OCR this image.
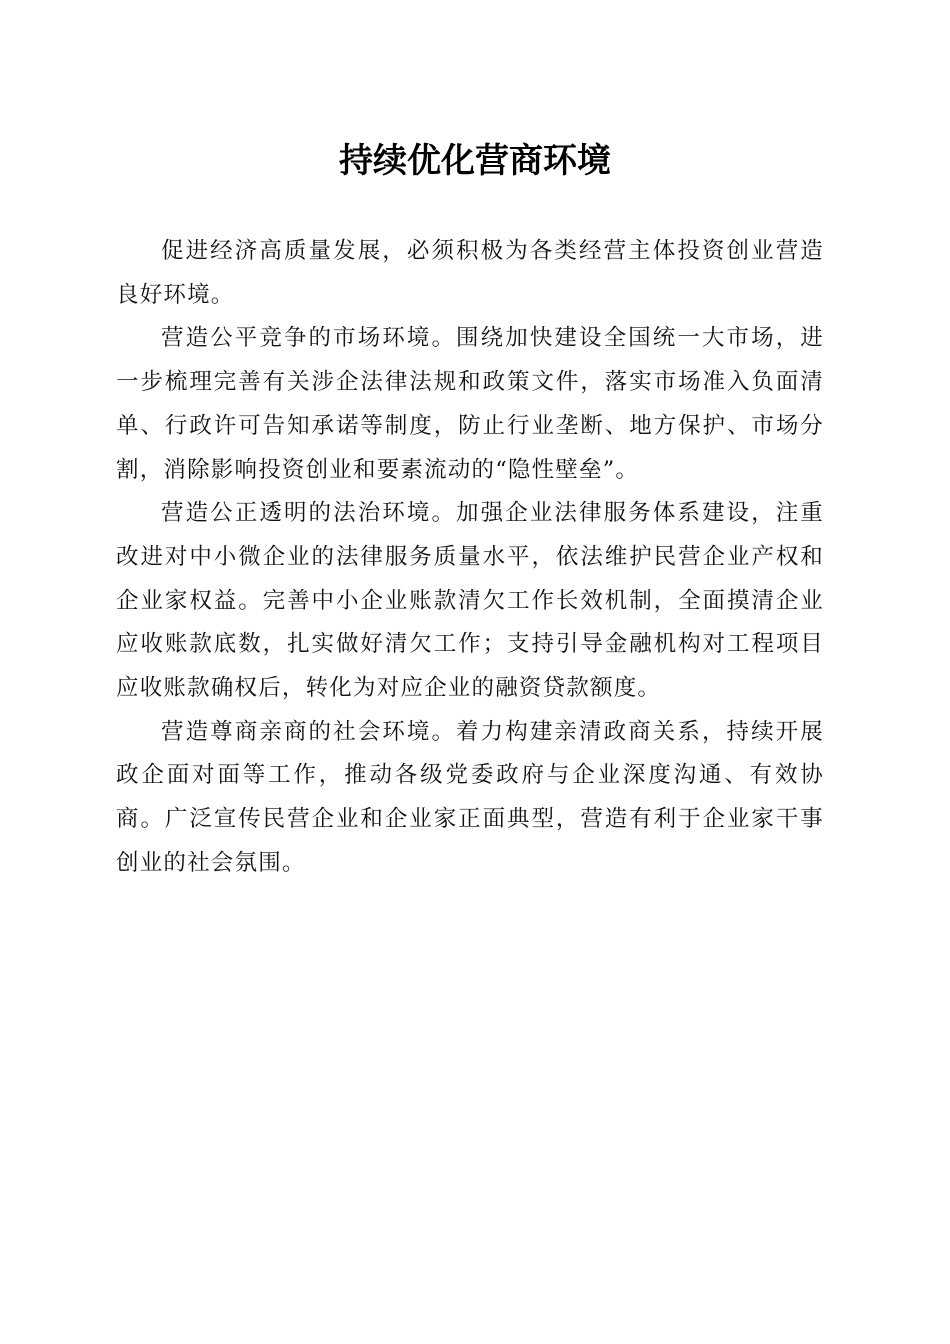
持续优化营商环境

促进经济高质量发展，必须积极为各类经营主体投资创业营造良好环境。

营造公平竞争的市场环境。围绕加快建设全国统一大市场，进一步梳理完善有关涉企法律法规和政策文件，落实市场准入负面清单、行政许可告知承诺等制度，防止行业垄断、地方保护、市场分割，消除影响投资创业和要素流动的“隐性壁垒”。

营造公正透明的法治环境。加强企业法律服务体系建设，注重改进对中小微企业的法律服务质量水平，依法维护民营企业产权和企业家权益。完善中小企业账款清欠工作长效机制，全面摸清企业应收账款底数，扎实做好清欠工作；支持引导金融机构对工程项目应收账款确权后，转化为对应企业的融资贷款额度。

营造尊商亲商的社会环境。着力构建亲清政商关系，持续开展政企面对面等工作，推动各级党委政府与企业深度沟通、有效协商。广泛宣传民营企业和企业家正面典型，营造有利于企业家干事创业的社会氛围。
